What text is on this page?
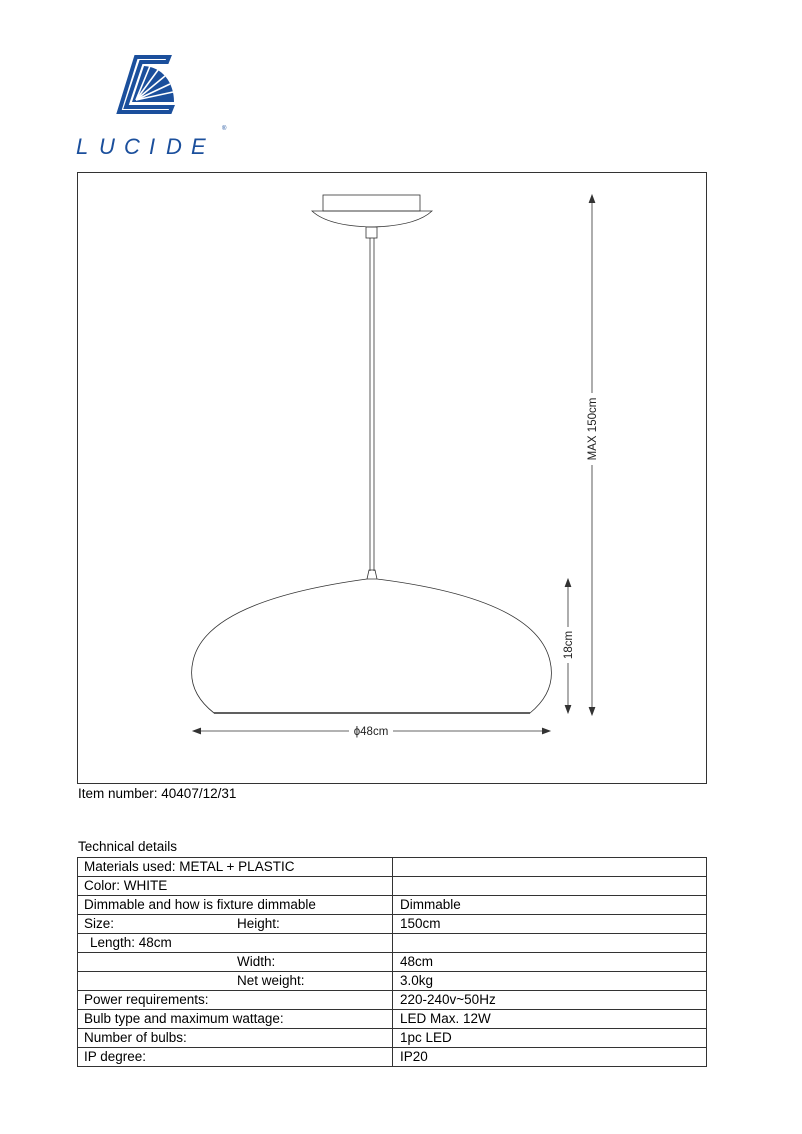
L U C I D E
®
MAX 150cm
18cm
ϕ48cm
Item number: 40407/12/31
Technical details
Materials used: METAL + PLASTIC	
Color: WHITE	
Dimmable and how is fixture dimmable	Dimmable
Size: Height:	150cm
Length: 48cm	
Width:	48cm
Net weight:	3.0kg
Power requirements:	220-240v~50Hz
Bulb type and maximum wattage:	LED Max. 12W
Number of bulbs:	1pc LED
IP degree:	IP20
